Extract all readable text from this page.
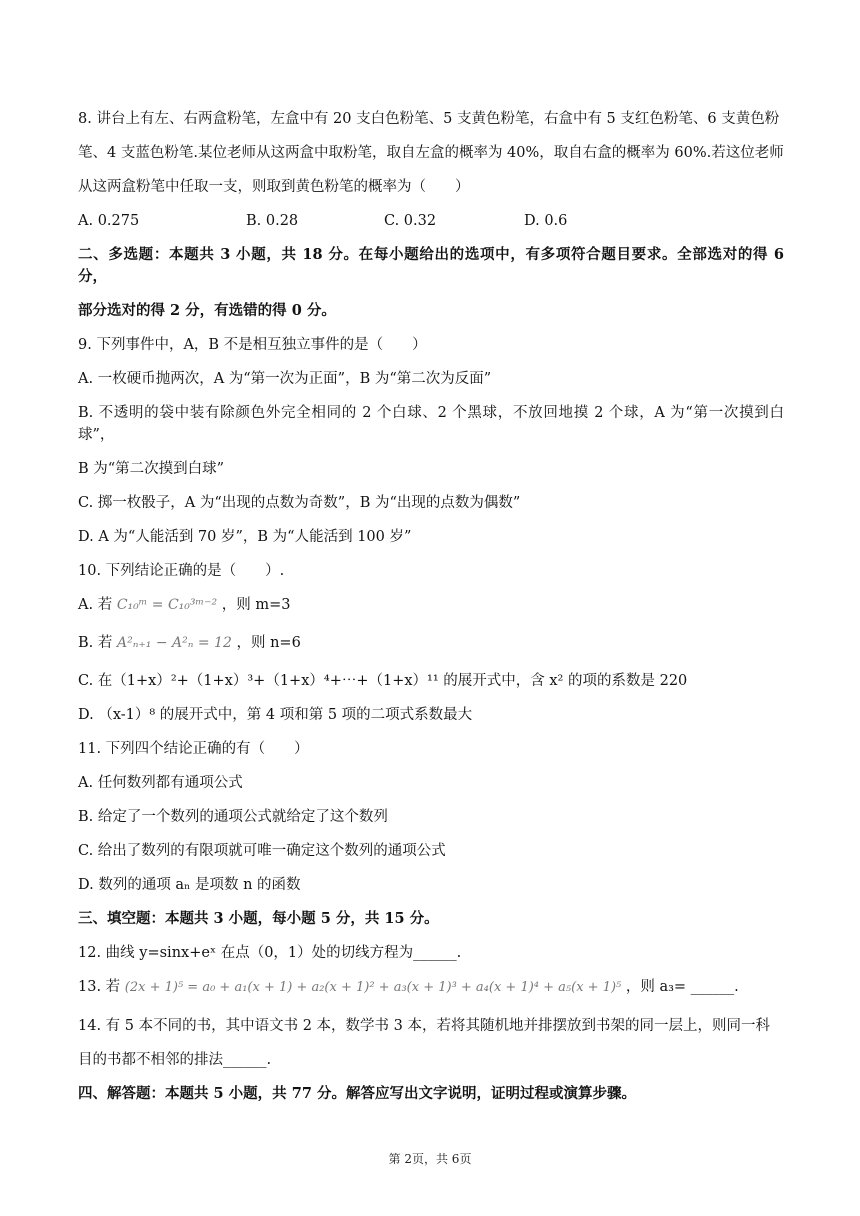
8. 讲台上有左、右两盒粉笔，左盒中有 20 支白色粉笔、5 支黄色粉笔，右盒中有 5 支红色粉笔、6 支黄色粉
笔、4 支蓝色粉笔.某位老师从这两盒中取粉笔，取自左盒的概率为 40%，取自右盒的概率为 60%.若这位老师
从这两盒粉笔中任取一支，则取到黄色粉笔的概率为（　　）
A. 0.275	B. 0.28	C. 0.32	D. 0.6
二、多选题：本题共 3 小题，共 18 分。在每小题给出的选项中，有多项符合题目要求。全部选对的得 6 分，
部分选对的得 2 分，有选错的得 0 分。
9. 下列事件中，A，B 不是相互独立事件的是（　　）
A. 一枚硬币抛两次，A 为“第一次为正面”，B 为“第二次为反面”
B. 不透明的袋中装有除颜色外完全相同的 2 个白球、2 个黑球，不放回地摸 2 个球，A 为“第一次摸到白球”，
B 为“第二次摸到白球”
C. 掷一枚骰子，A 为“出现的点数为奇数”，B 为“出现的点数为偶数”
D. A 为“人能活到 70 岁”，B 为“人能活到 100 岁”
10. 下列结论正确的是（　　）.
A. 若 C₁₀ᵐ = C₁₀³ᵐ⁻² ，则 m=3
B. 若 A²ₙ₊₁ − A²ₙ = 12 ，则 n=6
C. 在（1+x）²+（1+x）³+（1+x）⁴+⋯+（1+x）¹¹ 的展开式中，含 x² 的项的系数是 220
D. （x-1）⁸ 的展开式中，第 4 项和第 5 项的二项式系数最大
11. 下列四个结论正确的有（　　）
A. 任何数列都有通项公式
B. 给定了一个数列的通项公式就给定了这个数列
C. 给出了数列的有限项就可唯一确定这个数列的通项公式
D. 数列的通项 aₙ 是项数 n 的函数
三、填空题：本题共 3 小题，每小题 5 分，共 15 分。
12. 曲线 y=sinx+eˣ 在点（0，1）处的切线方程为______.
13. 若 (2x + 1)⁵ = a₀ + a₁(x + 1) + a₂(x + 1)² + a₃(x + 1)³ + a₄(x + 1)⁴ + a₅(x + 1)⁵ ，则 a₃= ______.
14. 有 5 本不同的书，其中语文书 2 本，数学书 3 本，若将其随机地并排摆放到书架的同一层上，则同一科
目的书都不相邻的排法______.
四、解答题：本题共 5 小题，共 77 分。解答应写出文字说明，证明过程或演算步骤。
第 2页，共 6页
